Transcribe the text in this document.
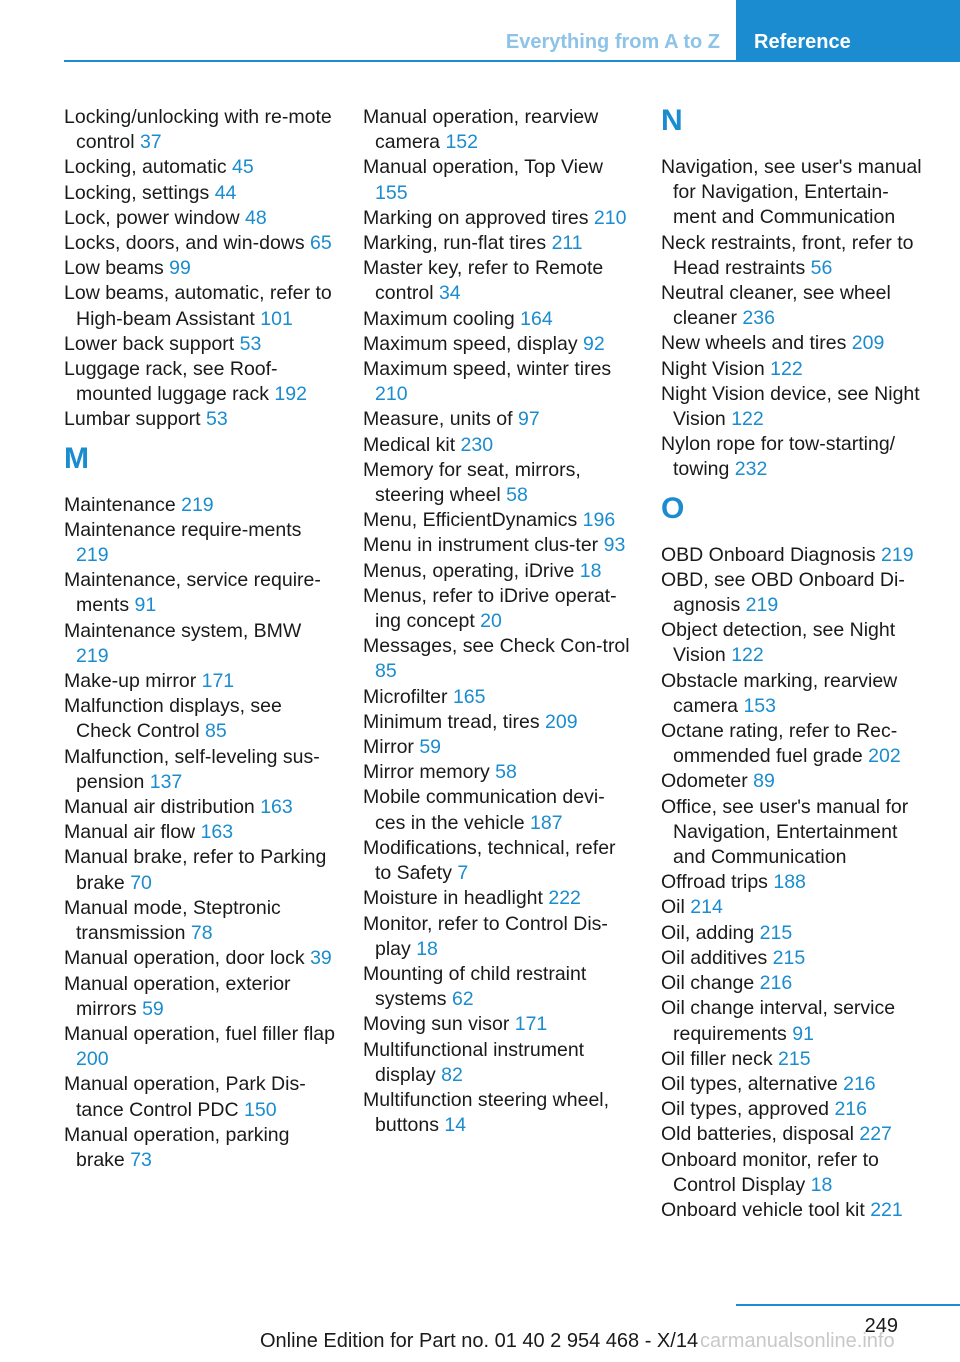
Everything from A to Z Reference
Locking/unlocking with re‐mote control 37
Locking, automatic 45
Locking, settings 44
Lock, power window 48
Locks, doors, and win‐dows 65
Low beams 99
Low beams, automatic, refer to High-beam Assistant 101
Lower back support 53
Luggage rack, see Roof-mounted luggage rack 192
Lumbar support 53
M
Maintenance 219
Maintenance require‐ments 219
Maintenance, service require‐ments 91
Maintenance system, BMW 219
Make-up mirror 171
Malfunction displays, see Check Control 85
Malfunction, self-leveling sus‐pension 137
Manual air distribution 163
Manual air flow 163
Manual brake, refer to Parking brake 70
Manual mode, Steptronic transmission 78
Manual operation, door lock 39
Manual operation, exterior mirrors 59
Manual operation, fuel filler flap 200
Manual operation, Park Dis‐tance Control PDC 150
Manual operation, parking brake 73
Manual operation, rearview camera 152
Manual operation, Top View 155
Marking on approved tires 210
Marking, run-flat tires 211
Master key, refer to Remote control 34
Maximum cooling 164
Maximum speed, display 92
Maximum speed, winter tires 210
Measure, units of 97
Medical kit 230
Memory for seat, mirrors, steering wheel 58
Menu, EfficientDynamics 196
Menu in instrument clus‐ter 93
Menus, operating, iDrive 18
Menus, refer to iDrive operat‐ing concept 20
Messages, see Check Con‐trol 85
Microfilter 165
Minimum tread, tires 209
Mirror 59
Mirror memory 58
Mobile communication devi‐ces in the vehicle 187
Modifications, technical, refer to Safety 7
Moisture in headlight 222
Monitor, refer to Control Dis‐play 18
Mounting of child restraint systems 62
Moving sun visor 171
Multifunctional instrument display 82
Multifunction steering wheel, buttons 14
N
Navigation, see user's manual for Navigation, Entertain‐ment and Communication
Neck restraints, front, refer to Head restraints 56
Neutral cleaner, see wheel cleaner 236
New wheels and tires 209
Night Vision 122
Night Vision device, see Night Vision 122
Nylon rope for tow-starting/ towing 232
O
OBD Onboard Diagnosis 219
OBD, see OBD Onboard Di‐agnosis 219
Object detection, see Night Vision 122
Obstacle marking, rearview camera 153
Octane rating, refer to Rec‐ommended fuel grade 202
Odometer 89
Office, see user's manual for Navigation, Entertainment and Communication
Offroad trips 188
Oil 214
Oil, adding 215
Oil additives 215
Oil change 216
Oil change interval, service requirements 91
Oil filler neck 215
Oil types, alternative 216
Oil types, approved 216
Old batteries, disposal 227
Onboard monitor, refer to Control Display 18
Onboard vehicle tool kit 221
249
Online Edition for Part no. 01 40 2 954 468 - X/14 carmanualsonline.info
